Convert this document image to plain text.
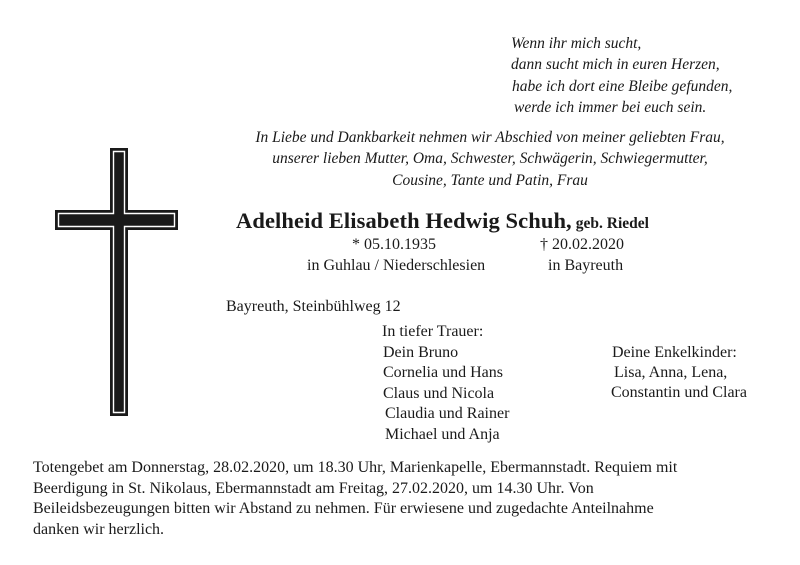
Wenn ihr mich sucht,
dann sucht mich in euren Herzen,
habe ich dort eine Bleibe gefunden,
werde ich immer bei euch sein.
In Liebe und Dankbarkeit nehmen wir Abschied von meiner geliebten Frau,
unserer lieben Mutter, Oma, Schwester, Schwägerin, Schwiegermutter,
Cousine, Tante und Patin, Frau
Adelheid Elisabeth Hedwig Schuh, geb. Riedel
* 05.10.1935	† 20.02.2020
in Guhlau / Niederschlesien	in Bayreuth
Bayreuth, Steinbühlweg 12
In tiefer Trauer:
Dein Bruno
Cornelia und Hans
Claus und Nicola
Claudia und Rainer
Michael und Anja
Deine Enkelkinder:
Lisa, Anna, Lena,
Constantin und Clara
Totengebet am Donnerstag, 28.02.2020, um 18.30 Uhr, Marienkapelle, Ebermannstadt. Requiem mit
Beerdigung in St. Nikolaus, Ebermannstadt am Freitag, 27.02.2020, um 14.30 Uhr. Von
Beileidsbezeugungen bitten wir Abstand zu nehmen. Für erwiesene und zugedachte Anteilnahme
danken wir herzlich.
